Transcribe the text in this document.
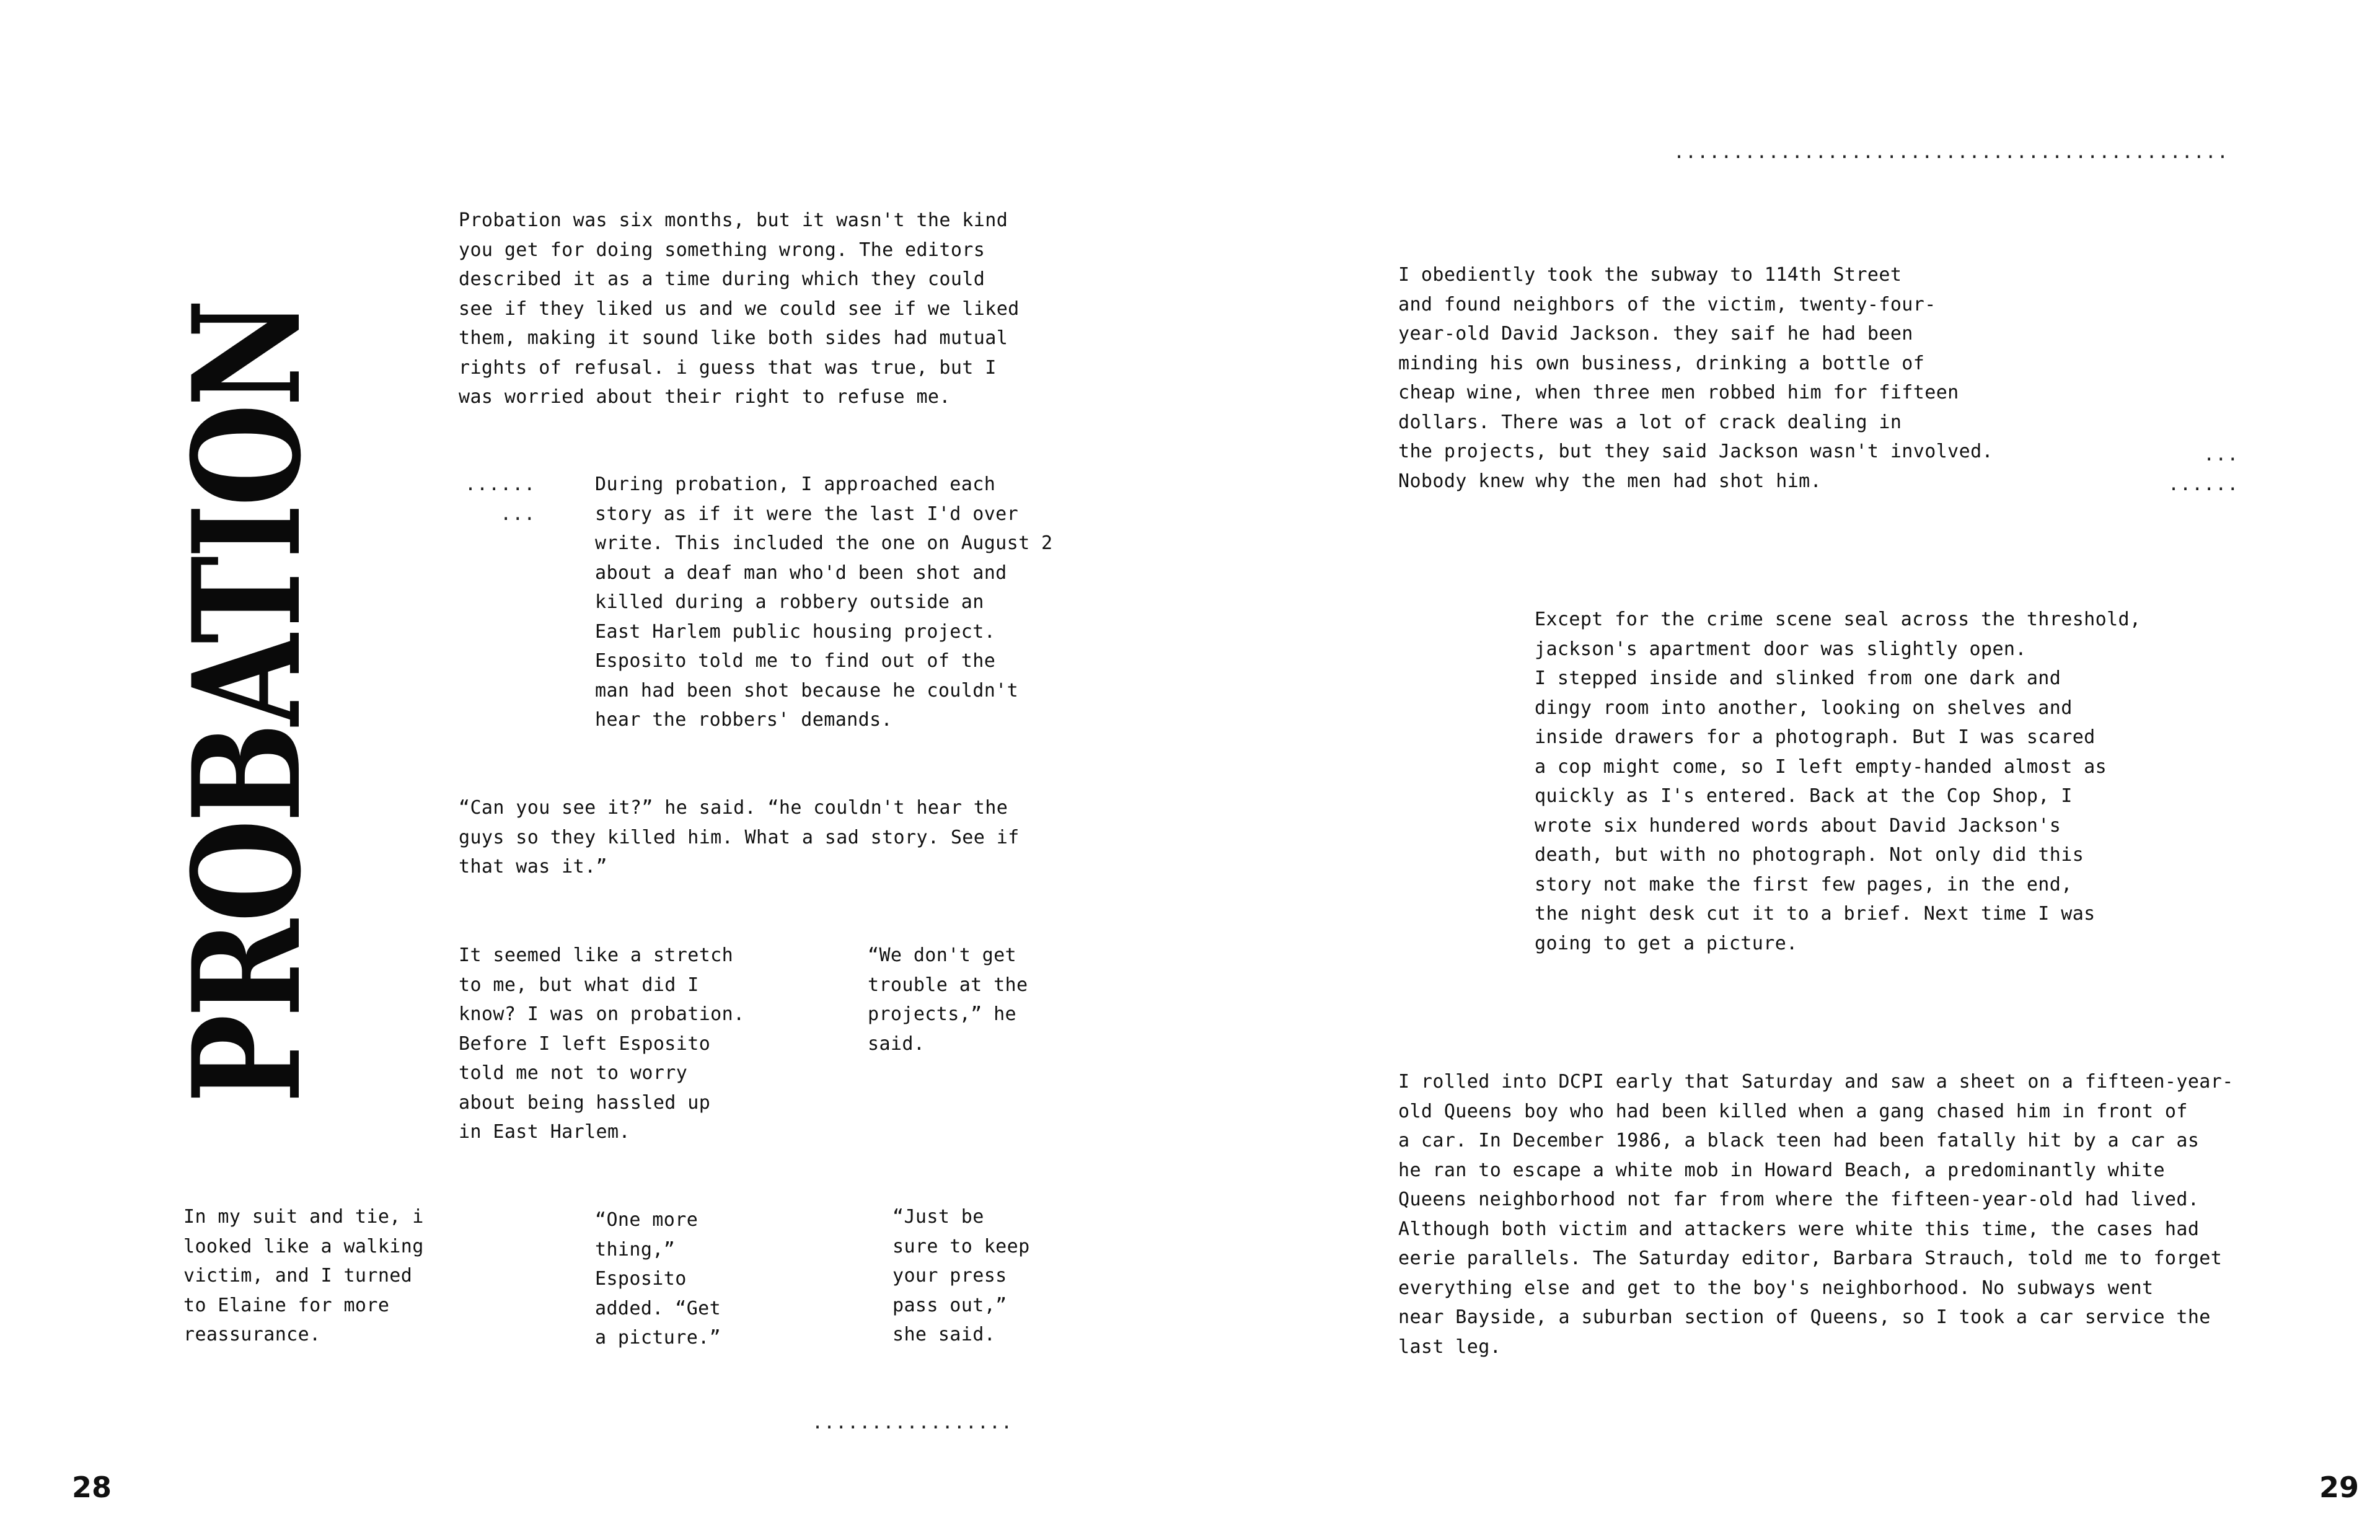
PROBATION

Probation was six months, but it wasn't the kind
you get for doing something wrong. The editors
described it as a time during which they could
see if they liked us and we could see if we liked
them, making it sound like both sides had mutual
rights of refusal. i guess that was true, but I
was worried about their right to refuse me.

......
...

During probation, I approached each
story as if it were the last I'd over
write. This included the one on August 2
about a deaf man who'd been shot and
killed during a robbery outside an
East Harlem public housing project.
Esposito told me to find out of the
man had been shot because he couldn't
hear the robbers' demands.

“Can you see it?” he said. “he couldn't hear the
guys so they killed him. What a sad story. See if
that was it.”

It seemed like a stretch
to me, but what did I
know? I was on probation.
Before I left Esposito
told me not to worry
about being hassled up
in East Harlem.

“We don't get
trouble at the
projects,” he
said.

In my suit and tie, i
looked like a walking
victim, and I turned
to Elaine for more
reassurance.

“One more
thing,”
Esposito
added. “Get
a picture.”

“Just be
sure to keep
your press
pass out,”
she said.

.................

28

...............................................

I obediently took the subway to 114th Street
and found neighbors of the victim, twenty-four-
year-old David Jackson. they saif he had been
minding his own business, drinking a bottle of
cheap wine, when three men robbed him for fifteen
dollars. There was a lot of crack dealing in
the projects, but they said Jackson wasn't involved.
Nobody knew why the men had shot him.

...
......

Except for the crime scene seal across the threshold,
jackson's apartment door was slightly open.
I stepped inside and slinked from one dark and
dingy room into another, looking on shelves and
inside drawers for a photograph. But I was scared
a cop might come, so I left empty-handed almost as
quickly as I's entered. Back at the Cop Shop, I
wrote six hundered words about David Jackson's
death, but with no photograph. Not only did this
story not make the first few pages, in the end,
the night desk cut it to a brief. Next time I was
going to get a picture.

I rolled into DCPI early that Saturday and saw a sheet on a fifteen-year-
old Queens boy who had been killed when a gang chased him in front of
a car. In December 1986, a black teen had been fatally hit by a car as
he ran to escape a white mob in Howard Beach, a predominantly white
Queens neighborhood not far from where the fifteen-year-old had lived.
Although both victim and attackers were white this time, the cases had
eerie parallels. The Saturday editor, Barbara Strauch, told me to forget
everything else and get to the boy's neighborhood. No subways went
near Bayside, a suburban section of Queens, so I took a car service the
last leg.

29
